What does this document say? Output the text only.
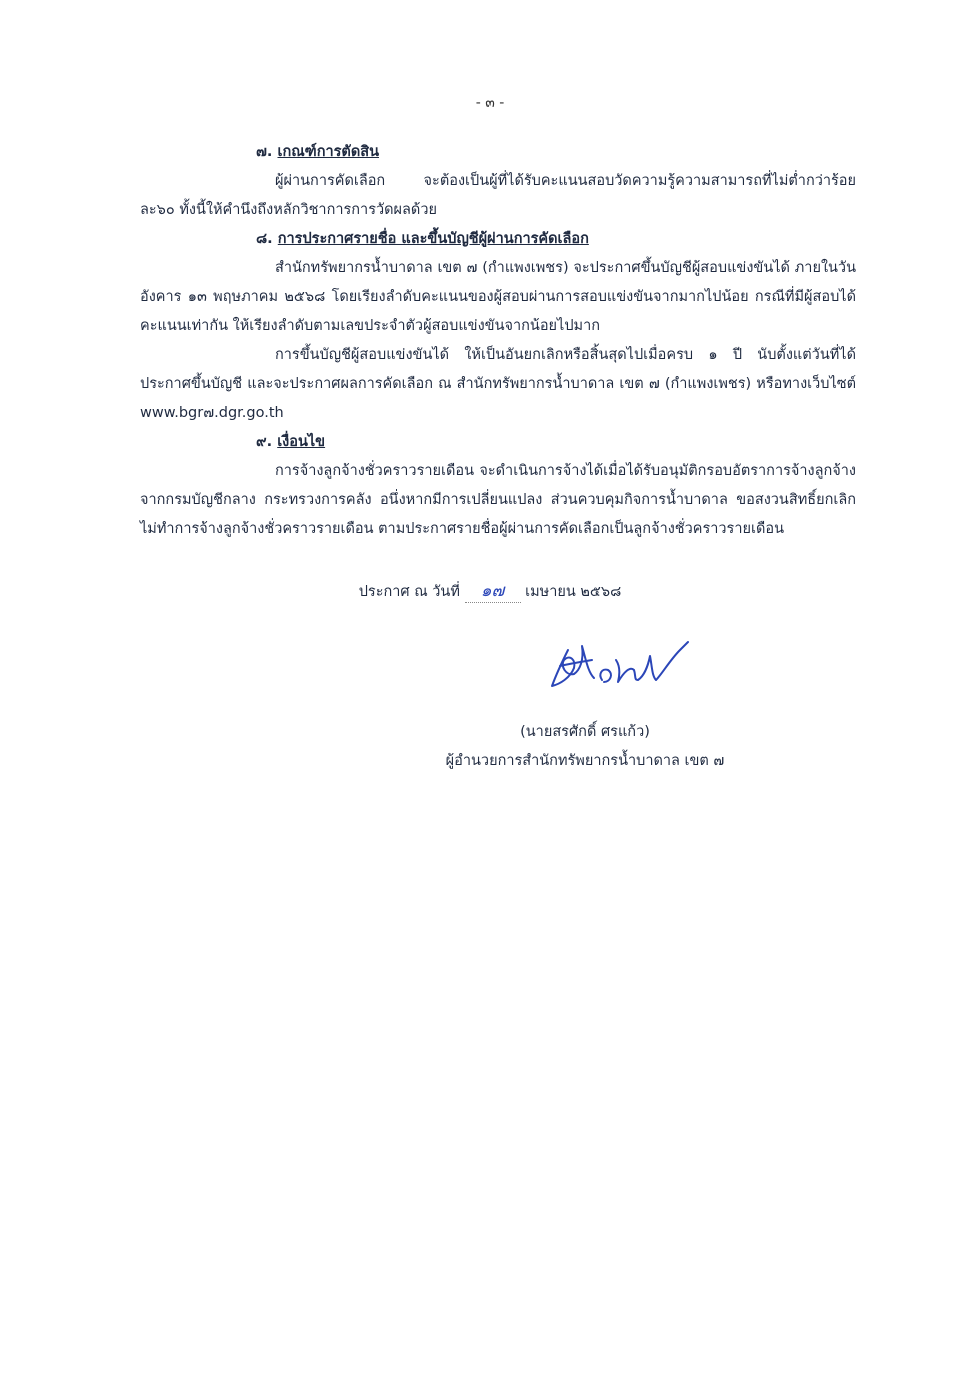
- ๓ -

๗. เกณฑ์การตัดสิน

ผู้ผ่านการคัดเลือก จะต้องเป็นผู้ที่ได้รับคะแนนสอบวัดความรู้ความสามารถที่ไม่ต่ำกว่าร้อยละ๖๐ ทั้งนี้ให้คำนึงถึงหลักวิชาการการวัดผลด้วย

๘. การประกาศรายชื่อ และขึ้นบัญชีผู้ผ่านการคัดเลือก

สำนักทรัพยากรน้ำบาดาล เขต ๗ (กำแพงเพชร) จะประกาศขึ้นบัญชีผู้สอบแข่งขันได้ ภายในวันอังคาร ๑๓ พฤษภาคม ๒๕๖๘ โดยเรียงลำดับคะแนนของผู้สอบผ่านการสอบแข่งขันจากมากไปน้อย กรณีที่มีผู้สอบได้คะแนนเท่ากัน ให้เรียงลำดับตามเลขประจำตัวผู้สอบแข่งขันจากน้อยไปมาก

การขึ้นบัญชีผู้สอบแข่งขันได้ ให้เป็นอันยกเลิกหรือสิ้นสุดไปเมื่อครบ ๑ ปี นับตั้งแต่วันที่ได้ประกาศขึ้นบัญชี และจะประกาศผลการคัดเลือก ณ สำนักทรัพยากรน้ำบาดาล เขต ๗ (กำแพงเพชร) หรือทางเว็บไซต์ www.bgr๗.dgr.go.th

๙. เงื่อนไข

การจ้างลูกจ้างชั่วคราวรายเดือน จะดำเนินการจ้างได้เมื่อได้รับอนุมัติกรอบอัตราการจ้างลูกจ้างจากกรมบัญชีกลาง กระทรวงการคลัง อนึ่งหากมีการเปลี่ยนแปลง ส่วนควบคุมกิจการน้ำบาดาล ขอสงวนสิทธิ์ยกเลิกไม่ทำการจ้างลูกจ้างชั่วคราวรายเดือน ตามประกาศรายชื่อผู้ผ่านการคัดเลือกเป็นลูกจ้างชั่วคราวรายเดือน

ประกาศ ณ วันที่ ๑๗ เมษายน ๒๕๖๘
(นายสรศักดิ์ ศรแก้ว)
ผู้อำนวยการสำนักทรัพยากรน้ำบาดาล เขต ๗
